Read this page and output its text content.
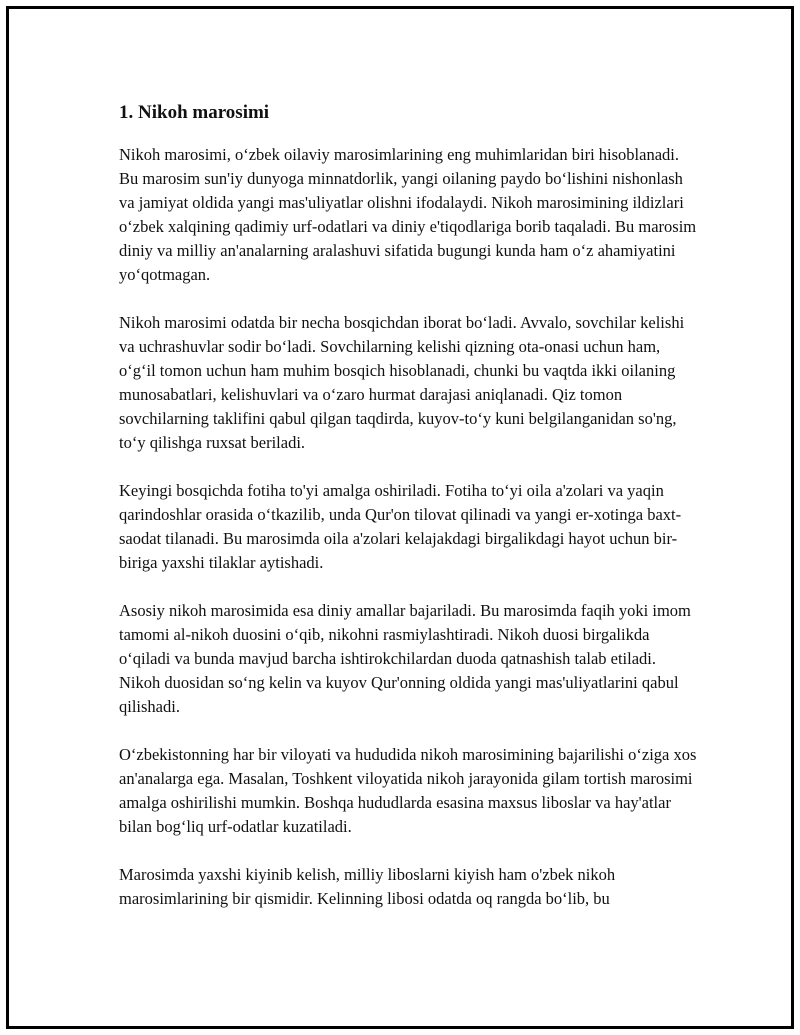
1. Nikoh marosimi

Nikoh marosimi, o‘zbek oilaviy marosimlarining eng muhimlaridan biri hisoblanadi. Bu marosim sun'iy dunyoga minnatdorlik, yangi oilaning paydo bo‘lishini nishonlash va jamiyat oldida yangi mas'uliyatlar olishni ifodalaydi. Nikoh marosimining ildizlari o‘zbek xalqining qadimiy urf-odatlari va diniy e'tiqodlariga borib taqaladi. Bu marosim diniy va milliy an'analarning aralashuvi sifatida bugungi kunda ham o‘z ahamiyatini yo‘qotmagan.

Nikoh marosimi odatda bir necha bosqichdan iborat bo‘ladi. Avvalo, sovchilar kelishi va uchrashuvlar sodir bo‘ladi. Sovchilarning kelishi qizning ota-onasi uchun ham, o‘g‘il tomon uchun ham muhim bosqich hisoblanadi, chunki bu vaqtda ikki oilaning munosabatlari, kelishuvlari va o‘zaro hurmat darajasi aniqlanadi. Qiz tomon sovchilarning taklifini qabul qilgan taqdirda, kuyov-to‘y kuni belgilanganidan so'ng, to‘y qilishga ruxsat beriladi.

Keyingi bosqichda fotiha to'yi amalga oshiriladi. Fotiha to‘yi oila a'zolari va yaqin qarindoshlar orasida o‘tkazilib, unda Qur'on tilovat qilinadi va yangi er-xotinga baxt-saodat tilanadi. Bu marosimda oila a'zolari kelajakdagi birgalikdagi hayot uchun bir-biriga yaxshi tilaklar aytishadi.

Asosiy nikoh marosimida esa diniy amallar bajariladi. Bu marosimda faqih yoki imom tamomi al-nikoh duosini o‘qib, nikohni rasmiylashtiradi. Nikoh duosi birgalikda o‘qiladi va bunda mavjud barcha ishtirokchilardan duoda qatnashish talab etiladi. Nikoh duosidan so‘ng kelin va kuyov Qur'onning oldida yangi mas'uliyatlarini qabul qilishadi.

O‘zbekistonning har bir viloyati va hududida nikoh marosimining bajarilishi o‘ziga xos an'analarga ega. Masalan, Toshkent viloyatida nikoh jarayonida gilam tortish marosimi amalga oshirilishi mumkin. Boshqa hududlarda esasina maxsus liboslar va hay'atlar bilan bog‘liq urf-odatlar kuzatiladi.

Marosimda yaxshi kiyinib kelish, milliy liboslarni kiyish ham o'zbek nikoh marosimlarining bir qismidir. Kelinning libosi odatda oq rangda bo‘lib, bu
